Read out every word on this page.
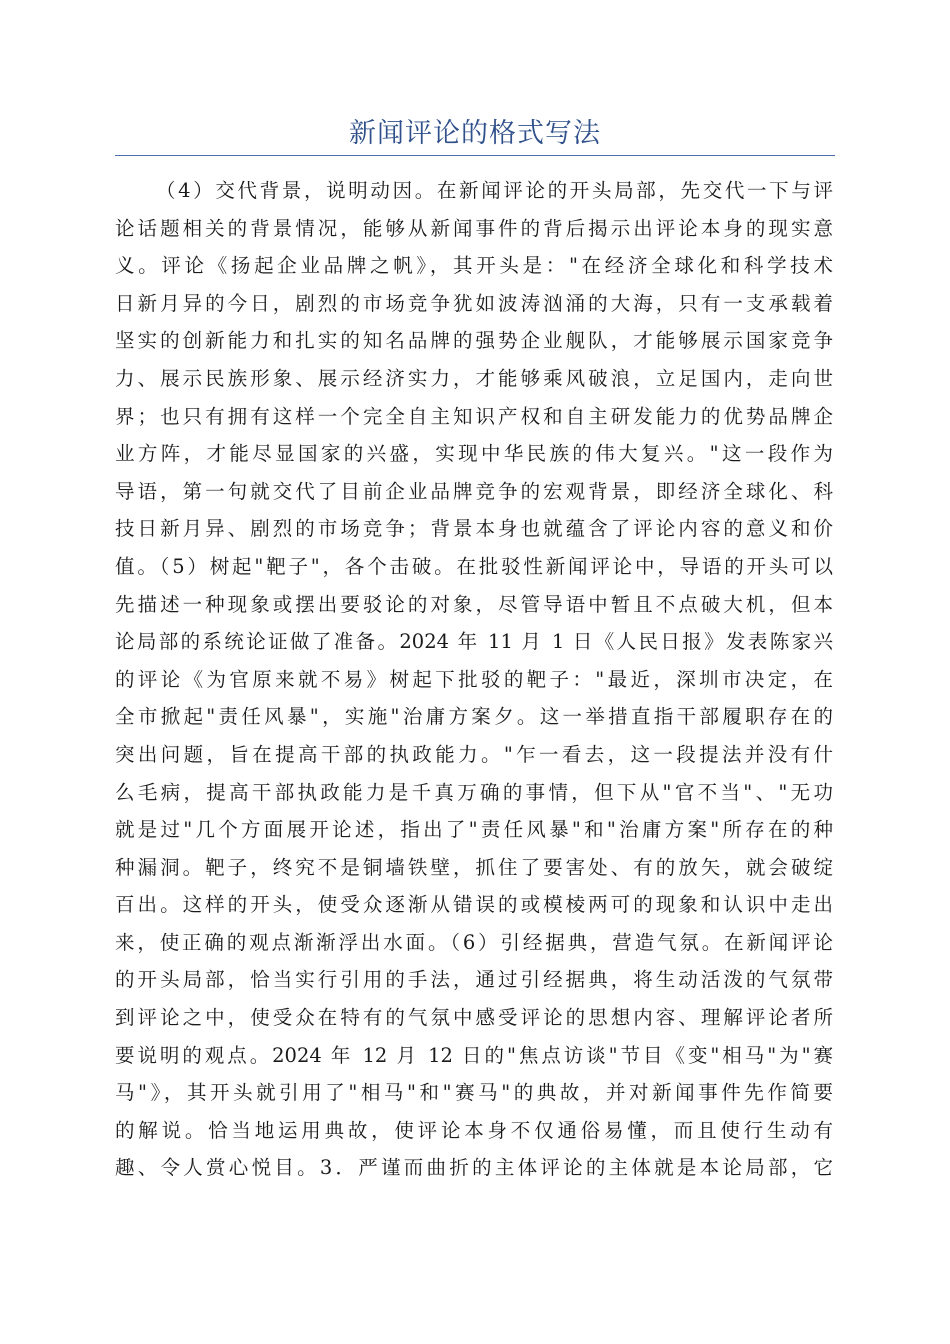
新闻评论的格式写法
（4）交代背景，说明动因。在新闻评论的开头局部，先交代一下与评
论话题相关的背景情况，能够从新闻事件的背后揭示出评论本身的现实意
义。评论《扬起企业品牌之帆》，其开头是："在经济全球化和科学技术
日新月异的今日，剧烈的市场竞争犹如波涛汹涌的大海，只有一支承载着
坚实的创新能力和扎实的知名品牌的强势企业舰队，才能够展示国家竞争
力、展示民族形象、展示经济实力，才能够乘风破浪，立足国内，走向世
界；也只有拥有这样一个完全自主知识产权和自主研发能力的优势品牌企
业方阵，才能尽显国家的兴盛，实现中华民族的伟大复兴。"这一段作为
导语，第一句就交代了目前企业品牌竞争的宏观背景，即经济全球化、科
技日新月异、剧烈的市场竞争；背景本身也就蕴含了评论内容的意义和价
值。（5）树起"靶子"，各个击破。在批驳性新闻评论中，导语的开头可以
先描述一种现象或摆出要驳论的对象，尽管导语中暂且不点破大机，但本
论局部的系统论证做了准备。2024 年 11 月 1 日《人民日报》发表陈家兴
的评论《为官原来就不易》树起下批驳的靶子："最近，深圳市决定，在
全市掀起"责任风暴"，实施"治庸方案夕。这一举措直指干部履职存在的
突出问题，旨在提高干部的执政能力。"乍一看去，这一段提法并没有什
么毛病，提高干部执政能力是千真万确的事情，但下从"官不当"、"无功
就是过"几个方面展开论述，指出了"责任风暴"和"治庸方案"所存在的种
种漏洞。靶子，终究不是铜墙铁壁，抓住了要害处、有的放矢，就会破绽
百出。这样的开头，使受众逐渐从错误的或模棱两可的现象和认识中走出
来，使正确的观点渐渐浮出水面。（6）引经据典，营造气氛。在新闻评论
的开头局部，恰当实行引用的手法，通过引经据典，将生动活泼的气氛带
到评论之中，使受众在特有的气氛中感受评论的思想内容、理解评论者所
要说明的观点。2024 年 12 月 12 日的"焦点访谈"节目《变"相马"为"赛
马"》，其开头就引用了"相马"和"赛马"的典故，并对新闻事件先作简要
的解说。恰当地运用典故，使评论本身不仅通俗易懂，而且使行生动有
趣、令人赏心悦目。3．严谨而曲折的主体评论的主体就是本论局部，它
